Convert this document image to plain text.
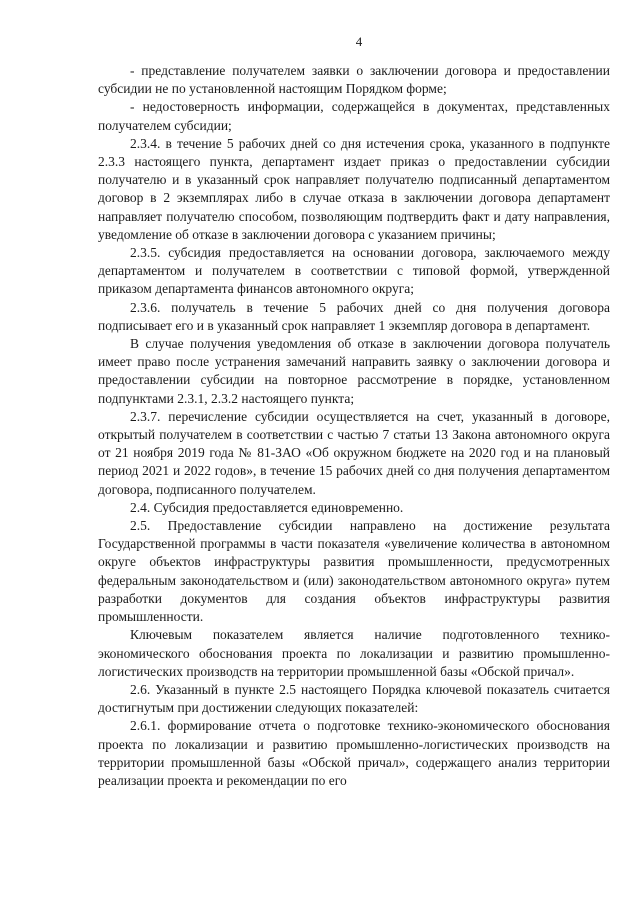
4

- представление получателем заявки о заключении договора и предоставлении субсидии не по установленной настоящим Порядком форме;

- недостоверность информации, содержащейся в документах, представленных получателем субсидии;

2.3.4. в течение 5 рабочих дней со дня истечения срока, указанного в подпункте 2.3.3 настоящего пункта, департамент издает приказ о предоставлении субсидии получателю и в указанный срок направляет получателю подписанный департаментом договор в 2 экземплярах либо в случае отказа в заключении договора департамент направляет получателю способом, позволяющим подтвердить факт и дату направления, уведомление об отказе в заключении договора с указанием причины;

2.3.5. субсидия предоставляется на основании договора, заключаемого между департаментом и получателем в соответствии с типовой формой, утвержденной приказом департамента финансов автономного округа;

2.3.6. получатель в течение 5 рабочих дней со дня получения договора подписывает его и в указанный срок направляет 1 экземпляр договора в департамент.

В случае получения уведомления об отказе в заключении договора получатель имеет право после устранения замечаний направить заявку о заключении договора и предоставлении субсидии на повторное рассмотрение в порядке, установленном подпунктами 2.3.1, 2.3.2 настоящего пункта;

2.3.7. перечисление субсидии осуществляется на счет, указанный в договоре, открытый получателем в соответствии с частью 7 статьи 13 Закона автономного округа от 21 ноября 2019 года № 81-ЗАО «Об окружном бюджете на 2020 год и на плановый период 2021 и 2022 годов», в течение 15 рабочих дней со дня получения департаментом договора, подписанного получателем.

2.4. Субсидия предоставляется единовременно.

2.5. Предоставление субсидии направлено на достижение результата Государственной программы в части показателя «увеличение количества в автономном округе объектов инфраструктуры развития промышленности, предусмотренных федеральным законодательством и (или) законодательством автономного округа» путем разработки документов для создания объектов инфраструктуры развития промышленности.

Ключевым показателем является наличие подготовленного технико-экономического обоснования проекта по локализации и развитию промышленно-логистических производств на территории промышленной базы «Обской причал».

2.6. Указанный в пункте 2.5 настоящего Порядка ключевой показатель считается достигнутым при достижении следующих показателей:

2.6.1. формирование отчета о подготовке технико-экономического обоснования проекта по локализации и развитию промышленно-логистических производств на территории промышленной базы «Обской причал», содержащего анализ территории реализации проекта и рекомендации по его
